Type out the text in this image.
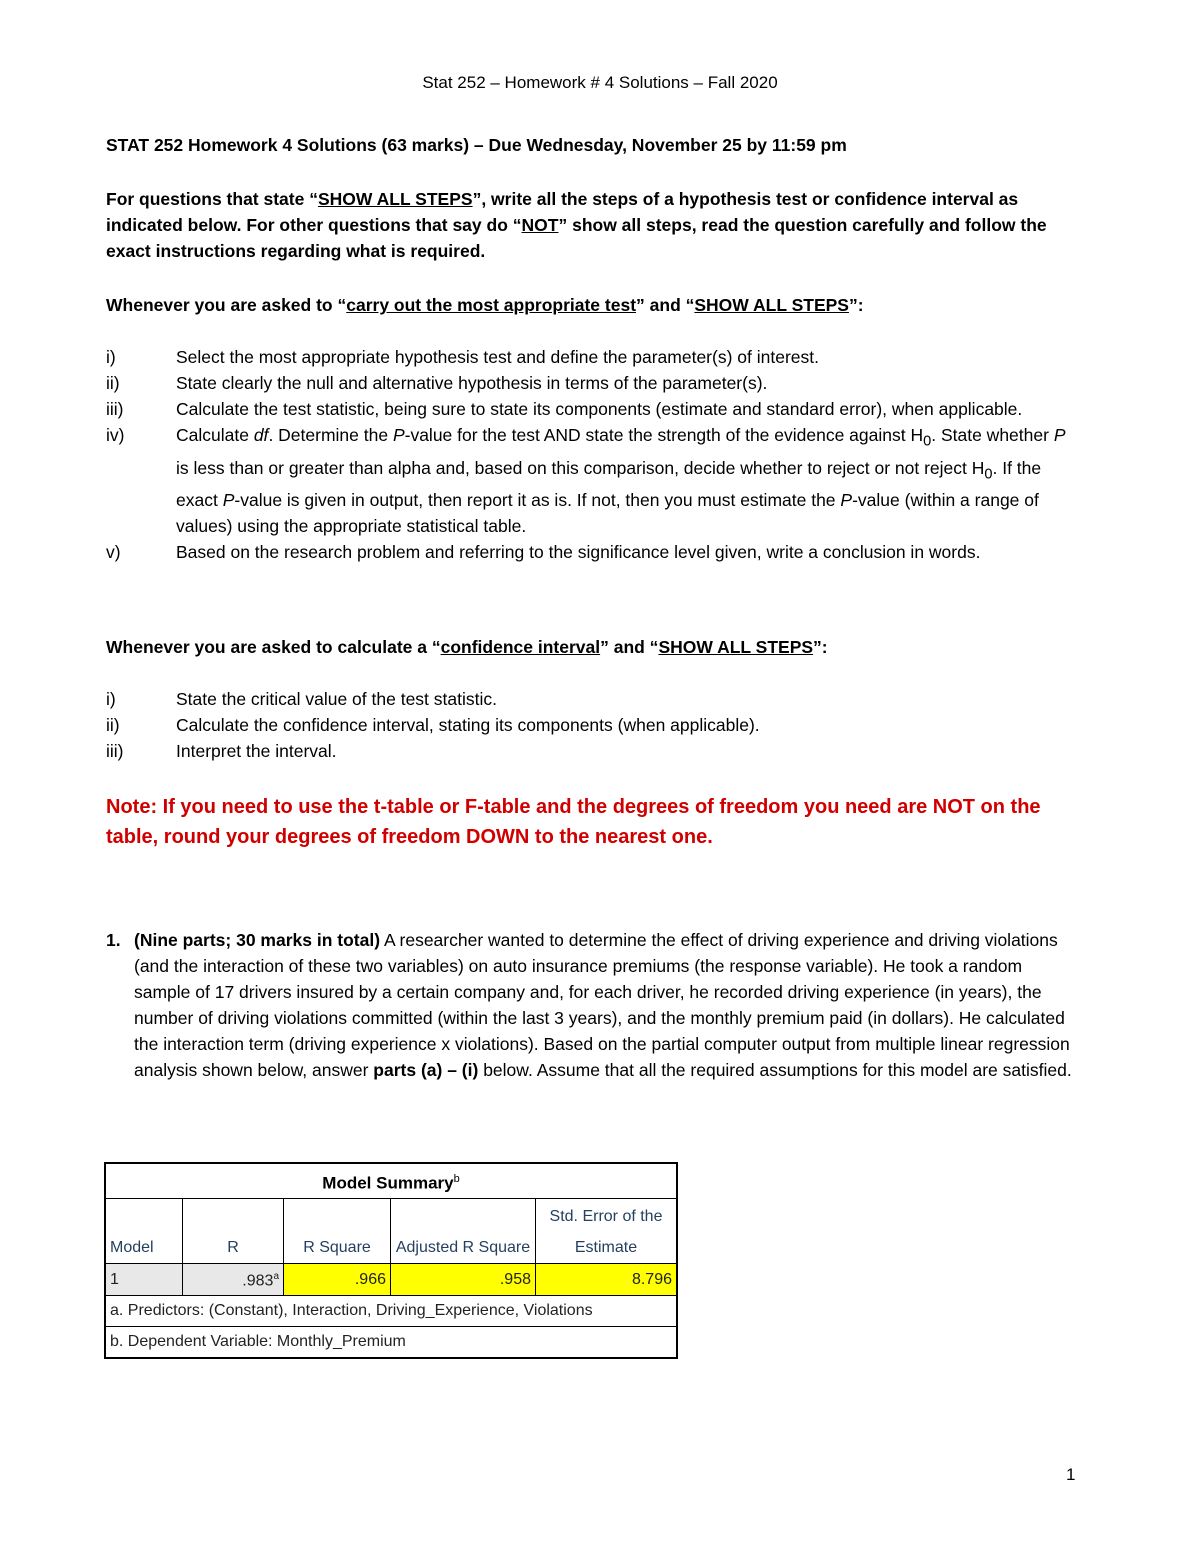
Stat 252 – Homework # 4 Solutions – Fall 2020
STAT 252 Homework 4 Solutions (63 marks) – Due Wednesday, November 25 by 11:59 pm
For questions that state “SHOW ALL STEPS”, write all the steps of a hypothesis test or confidence interval as indicated below. For other questions that say do “NOT” show all steps, read the question carefully and follow the exact instructions regarding what is required.
Whenever you are asked to “carry out the most appropriate test” and “SHOW ALL STEPS”:
i)	Select the most appropriate hypothesis test and define the parameter(s) of interest.
ii)	State clearly the null and alternative hypothesis in terms of the parameter(s).
iii)	Calculate the test statistic, being sure to state its components (estimate and standard error), when applicable.
iv)	Calculate df. Determine the P-value for the test AND state the strength of the evidence against $H_0$. State whether P is less than or greater than alpha and, based on this comparison, decide whether to reject or not reject $H_0$. If the exact P-value is given in output, then report it as is. If not, then you must estimate the P-value (within a range of values) using the appropriate statistical table.
v)	Based on the research problem and referring to the significance level given, write a conclusion in words.
Whenever you are asked to calculate a “confidence interval” and “SHOW ALL STEPS”:
i)	State the critical value of the test statistic.
ii)	Calculate the confidence interval, stating its components (when applicable).
iii)	Interpret the interval.
Note: If you need to use the t-table or F-table and the degrees of freedom you need are NOT on the table, round your degrees of freedom DOWN to the nearest one.
1. (Nine parts; 30 marks in total) A researcher wanted to determine the effect of driving experience and driving violations (and the interaction of these two variables) on auto insurance premiums (the response variable). He took a random sample of 17 drivers insured by a certain company and, for each driver, he recorded driving experience (in years), the number of driving violations committed (within the last 3 years), and the monthly premium paid (in dollars). He calculated the interaction term (driving experience x violations). Based on the partial computer output from multiple linear regression analysis shown below, answer parts (a) – (i) below. Assume that all the required assumptions for this model are satisfied.
Model Summary$^b$
Model	R	R Square	Adjusted R Square	Std. Error of the Estimate
1	.983$^a$	.966	.958	8.796
a. Predictors: (Constant), Interaction, Driving_Experience, Violations				
b. Dependent Variable: Monthly_Premium				
1
